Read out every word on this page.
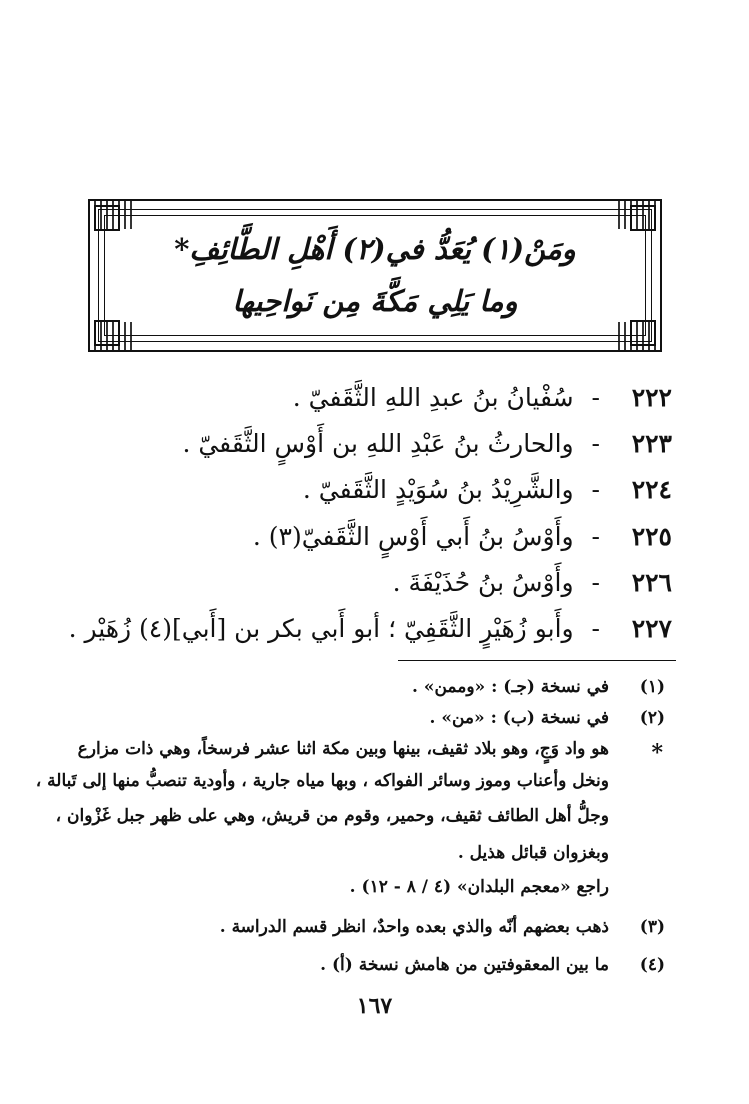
ومَنْ(١) يُعَدُّ في(٢) أَهْلِ الطَّائِفِ*
وما يَلِي مَكَّةَ مِن نَواحِيها
٢٢٢- سُفْيانُ بنُ عبدِ اللهِ الثَّقَفيّ .
٢٢٣- والحارثُ بنُ عَبْدِ اللهِ بن أَوْسٍ الثَّقَفيّ .
٢٢٤- والشَّرِيْدُ بنُ سُوَيْدٍ الثَّقَفيّ .
٢٢٥- وأَوْسُ بنُ أَبي أَوْسٍ الثَّقَفيّ(٣) .
٢٢٦- وأَوْسُ بنُ حُذَيْفَةَ .
٢٢٧- وأَبو زُهَيْرٍ الثَّقَفِيّ ؛ أبو أَبي بكر بن [أَبي](٤) زُهَيْر .
(١)
(٢)
*
(٣)
(٤)
في نسخة (جـ) : «وممن» .
في نسخة (ب) : «من» .
هو واد وَجٍ، وهو بلاد ثقيف، بينها وبين مكة اثنا عشر فرسخاً، وهي ذات مزارع
ونخل وأعناب وموز وسائر الفواكه ، وبها مياه جارية ، وأودية تنصبُّ منها إلى تَبالة ،
وجلُّ أهل الطائف ثقيف، وحمير، وقوم من قريش، وهي على ظهر جبل غَزْوان ،
وبغزوان قبائل هذيل .
راجع «معجم البلدان» (٤ / ٨ - ١٢) .
ذهب بعضهم أنّه والذي بعده واحدٌ، انظر قسم الدراسة .
ما بين المعقوفتين من هامش نسخة (أ) .
١٦٧
